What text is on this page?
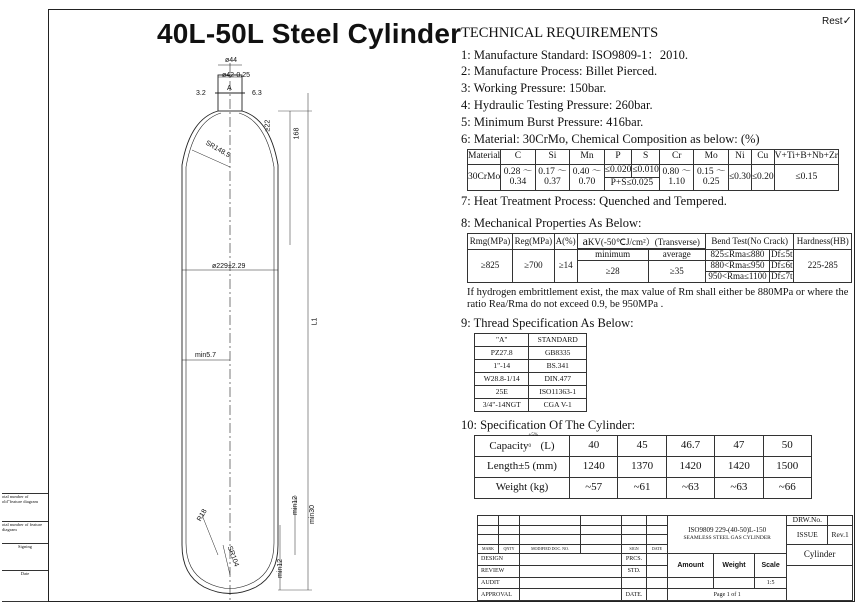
otal number of old"feature diagram
otal number of feature diagram
Signing
Date
40L-50L Steel Cylinder	Rest✓
ø44
ø42-0.25
A
3.2	6.3
≥22
168
SR148.5
ø229±2.29
L1
min5.7
min12 min30
R18
SR104
min12
TECHNICAL REQUIREMENTS
1: Manufacture Standard: ISO9809-1：2010.
2: Manufacture Process: Billet Pierced.
3: Working Pressure: 150bar.
4: Hydraulic Testing Pressure: 260bar.
5: Minimum Burst Pressure: 416bar.
6: Material: 30CrMo, Chemical Composition as below: (%)
Material	C	Si	Mn	P	S	Cr	Mo	Ni	Cu	V+Ti+B+Nb+Zr
30CrMo	0.28 ～0.34	0.17 ～0.37	0.40 ～0.70	≤0.020	≤0.010	0.80 ～1.10	0.15 ～0.25	≤0.30	≤0.20	≤0.15
				P+S≤0.025						
7: Heat Treatment Process: Quenched and Tempered.
8: Mechanical Properties As Below:
Rmg(MPa)	Reg(MPa)	A(%)	aKV(-50℃J/cm²）(Transverse)		Bend Test(No Crack)		Hardness(HB)

≥825	≥700	≥14	minimum	average	825≤Rma≤880	Df≤5t	225-285
			≥28	≥35	880<Rma≤950	Df≤6t	
					950<Rma≤1100	Df≤7t	
If hydrogen embrittlement exist, the max value of Rm shall either be 880MPa or where the
ratio Rea/Rma do not exceed 0.9, be 950MPa .
9: Thread Specification As Below:
"A"	STANDARD
PZ27.8	GB8335
1"-14	BS.341
W28.8-1/14	DIN.477
25E	ISO11363-1
3/4"-14NGT	CGA V-1
10: Specification Of The Cylinder:
Capacity
+5%
0 (L)	40	45	46.7	47	50
Length±5 (mm)	1240	1370	1420	1420	1500
Weight (kg)	~57	~61	~63	~63	~66

						ISO9809 229-(40-50)L-150
SEAMLESS STEEL GAS CYLINDER			DRW.No.	
									ISSUE	Rev.1

MARK	QNTY	MODIFIED DOC. NO.		SIGN	DATE				Cylinder	
DESIGN				PRCS.		Amount	Weight	Scale		
REVIEW				STD.						
AUDIT								1:5		
APPROVAL				DATE.		Page 1 of 1				
